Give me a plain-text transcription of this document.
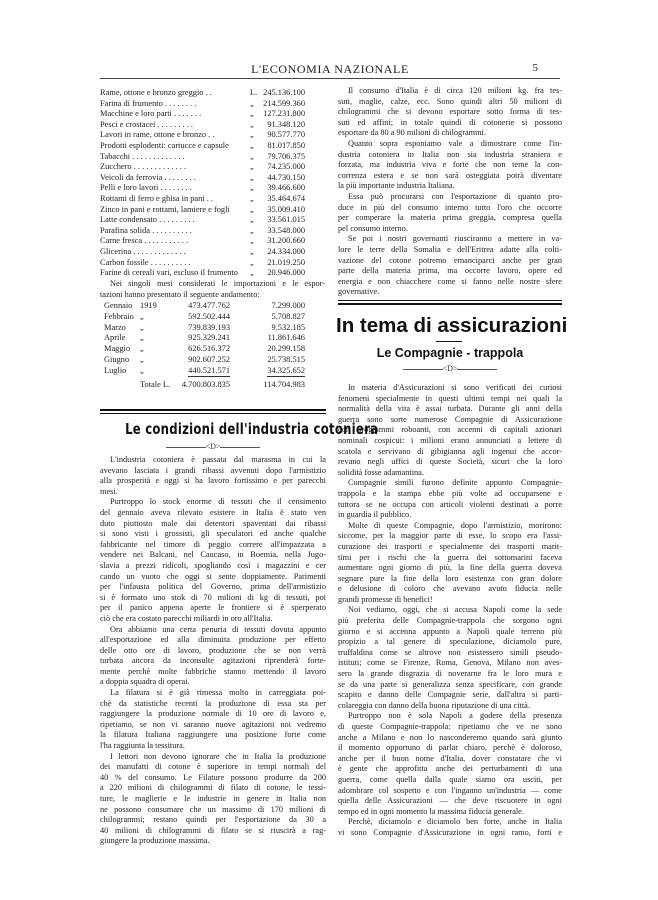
L'ECONOMIA NAZIONALE	5
Rame, ottone e bronzo greggio . .	L. 245.136.100
Farina di frumento . . . . . . . .	„ 214.599.360
Macchine e loro parti . . . . . . .	„ 127.231.800
Pesci e crostacei . . . . . . . . .	„ 91.348.120
Lavori in rame, ottone e bronzo . .	„ 90.577.770
Prodotti esplodenti: cartucce e capsule	„ 81.017.850
Tabacchi . . . . . . . . . . . . .	„ 79.706.375
Zucchero . . . . . . . . . . . . .	„ 74.235.000
Veicoli da ferrovia . . . . . . . .	„ 44.730.150
Pelli e loro lavori . . . . . . . .	„ 39.466.600
Rottami di ferro e ghisa in pani . .	„ 35.464.674
Zinco in pani e rottami, lamiere e fogli „ 35.009.410
Latte condensato . . . . . . . . .	„ 33.561.015
Parafina solida . . . . . . . . . .	„ 33.548.000
Carne fresca . . . . . . . . . . .	„ 31.200.660
Glicerina . . . . . . . . . . . . .	„ 24.334.000
Carbon fossile . . . . . . . . . .	„ 21.019.250
Farine di cereali vari, escluso il frumento „ 20.946.000
Nei singoli mesi considerati le importazioni e le espor-
tazioni hanno presentato il seguente andamento:
Gennaio 1919	473.477.762	7.299.000
Febbraio „	592.502.444	5.708.827
Marzo „	739.839.193	9.532.185
Aprile „	925.329.241	11.861.646
Maggio „	626.516.372	20.299.158
Giugno „	902.607.252	25.738.515
Luglio „	440.521.571	34.325.652
Totale L. 4.700.803.835	114.704.983
Le condizioni dell'industria cotoniera
<D>
L'industria cotoniera è passata dal marasma in cui la
avevano lasciata i grandi ribassi avvenuti dopo l'armistizio
alla prosperità e oggi si ha lavoro fortissimo e per parecchi
mesi.
Purtroppo lo stock enorme di tessuti che il censimento
del gennaio aveva rilevato esistere in Italia è stato ven
duto piuttosto male dai detentori spaventati dai ribassi
si sono visti i grossisti, gli speculatori ed anche qualche
fabbricante nel timore di peggio correre all'impazzata a
vendere nei Balcani, nel Caucaso, in Boemia, nella Jugo-
slavia a prezzi ridicoli, spogliando così i magazzini e cer
cando un vuoto che oggi si sente doppiamente. Parimenti
per l'infausta politica del Governo, prima dell'armistizio
si è formato uno stok di 70 milioni di kg di tessuti, poi
per il panico appena aperte le frontiere si è sperperato
ciò che era costato parecchi miliardi in oro all'Italia.
Ora abbiamo una certa penuria di tessuti dovuta appunto
all'esportazione ed alla diminuita produzione per effetto
delle otto ore di lavoro, produzione che se non verrà
turbata ancora da inconsulte agitazioni riprenderà forte-
mente perchè molte fabbriche stanno mettendo il lavoro
a doppia squadra di operai.
La filatura si è già rimessa molto in carreggiata poi-
chè da statistiche recenti la produzione di essa sta per
raggiungere la produzione normale di 10 ore di lavoro e,
ripetiamo, se non vi saranno nuove agitazioni noi vedremo
la filatura Italiana raggiungere una posizione forte come
l'ha raggiunta la tessitura.
I lettori non devono ignorare che in Italia la produzione
dei manufatti di cotone è superiore in tempi normali del
40 % del consumo. Le Filature possono produrre da 200
a 220 milioni di chilogrammi di filato di cotone, le tessi-
ture, le maglierie e le industrie in genere in Italia non
ne possono consumare che un massimo di 170 milioni di
chilogrammi; restano quindi per l'esportazione da 30 a
40 milioni di chilogrammi di filato se si riuscirà a rag-
giungere la produzione massima.
Il consumo d'Italia è di circa 120 milioni kg. fra tes-
suti, maglie, calze, ecc. Sono quindi altri 50 milioni di
chilogrammi che si devono esportare sotto forma di tes-
suti ed affini; in totale quindi di cotonerie si possono
esportare da 80 a 90 milioni di chilogrammi.
Quanto sopra esponiamo vale a dimostrare come l'in-
dustria cotoniera in Italia non sia industria straniera e
forzata, ma industria viva e forte che non teme la con-
correnza estera e se non sarà osteggiata potrà diventare
la più importante industria Italiana.
Essa può procurarsi con l'esportazione di quanto pro-
duce in più del consumo interno tutto l'oro che occorre
per comperare la materia prima greggia, compresa quella
pel consumo interno.
Se poi i nostri governanti riusciranno a mettere in va-
lore le terre della Somalia e dell'Eritrea adatte alla colti-
vazione del cotone potremo emanciparci anche per gran
parte della materia prima, ma occorre lavoro, opere ed
energia e non chiacchere come si fanno nelle nostre sfere
governative.
In tema di assicurazioni
Le Compagnie - trappola
<D>
In materia d'Assicurazioni si sono verificati dei curiosi
fenomeni specialmente in questi ultimi tempi nei quali la
normalità della vita è assai turbata. Durante gli anni della
guerra sono sorte numerose Compagnie di Assicurazione
con programmi roboanti, con accenni di capitali azionari
nominali cospicui: i milioni erano annunciati a lettere di
scatola e servivano di gibigianna agli ingenui che accor-
revano negli uffici di queste Società, sicuri che la loro
solidità fosse adamantina.
Compagnie simili furono definite appunto Compagnie-
trappola e la stampa ebbe più volte ad occuparsene e
tuttora se ne occupa con articoli violenti destinati a porre
in guardia il pubblico.
Molte di queste Compagnie, dopo l'armistizio, morirono:
siccome, per la maggior parte di esse, lo scopo era l'assi-
curazione dei trasporti e specialmente dei trasporti marit-
timi per i rischi che la guerra dei sottomarini faceva
aumentare ogni giorno di più, la fine della guerra doveva
segnare pure la fine della loro esistenza con gran dolore
e delusione di coloro che avevano avuto fiducia nelle
grandi promesse di benefici!
Noi vediamo, oggi, che si accusa Napoli come la sede
più preferita delle Compagnie-trappola che sorgono ogni
giorno e si accenna appunto a Napoli quale terreno più
propizio a tal genere di speculazione, diciamolo pure,
truffaldina come se altrove non esistessero simili pseudo-
istituti; come se Firenze, Roma, Genova, Milano non aves-
sero la grande disgrazia di noverarne fra le loro mura e
se da una parte si generalizza senza specificare, con grande
scapito e danno delle Compagnie serie, dall'altra si parti-
colareggia con danno della buona riputazione di una città.
Purtroppo non è sola Napoli a godere della presenza
di queste Compagnie-trappola: ripetiamo che ve ne sono
anche a Milano e non lo nasconderemo quando sarà giunto
il momento opportuno di parlar chiaro, perchè è doloroso,
anche per il buon nome d'Italia, dover constatare che vi
è gente che approfitta anche dei perturbamenti di una
guerra, come quella dalla quale siamo ora usciti, per
adombrare col sospetto e con l'inganno un'industria — come
quella delle Assicurazioni — che deve riscuotere in ogni
tempo ed in ogni momento la massima fiducia generale.
Perchè, diciamolo e diciamolo ben forte, anche in Italia
vi sono Compagnie d'Assicurazione in ogni ramo, forti e
